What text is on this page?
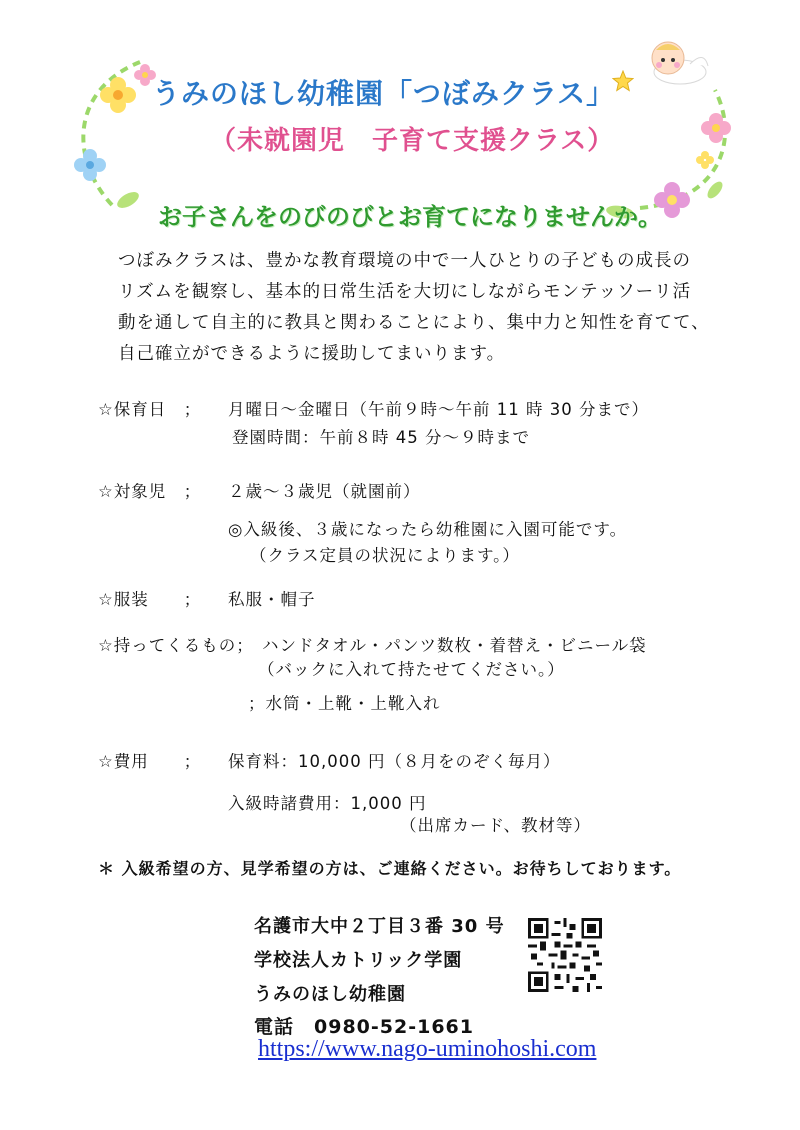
うみのほし幼稚園「つぼみクラス」
（未就園児　子育て支援クラス）
お子さんをのびのびとお育てになりませんか。
つぼみクラスは、豊かな教育環境の中で一人ひとりの子どもの成長の
リズムを観察し、基本的日常生活を大切にしながらモンテッソーリ活
動を通して自主的に教具と関わることにより、集中力と知性を育てて、
自己確立ができるように援助してまいります。
☆保育日　； 月曜日～金曜日（午前９時～午前 11 時 30 分まで）
登園時間：午前８時 45 分～９時まで
☆対象児　； ２歳～３歳児（就園前）
◎入級後、３歳になったら幼稚園に入園可能です。
（クラス定員の状況によります。）
☆服装　　； 私服・帽子
☆持ってくるもの； ハンドタオル・パンツ数枚・着替え・ビニール袋
（バックに入れて持たせてください。）
；水筒・上靴・上靴入れ
☆費用　　； 保育料：10,000 円（８月をのぞく毎月）
入級時諸費用：1,000 円
（出席カード、教材等）
＊ 入級希望の方、見学希望の方は、ご連絡ください。お待ちしております。
名護市大中２丁目３番 30 号
学校法人カトリック学園
うみのほし幼稚園
電話　0980-52-1661
https://www.nago-uminohoshi.com
